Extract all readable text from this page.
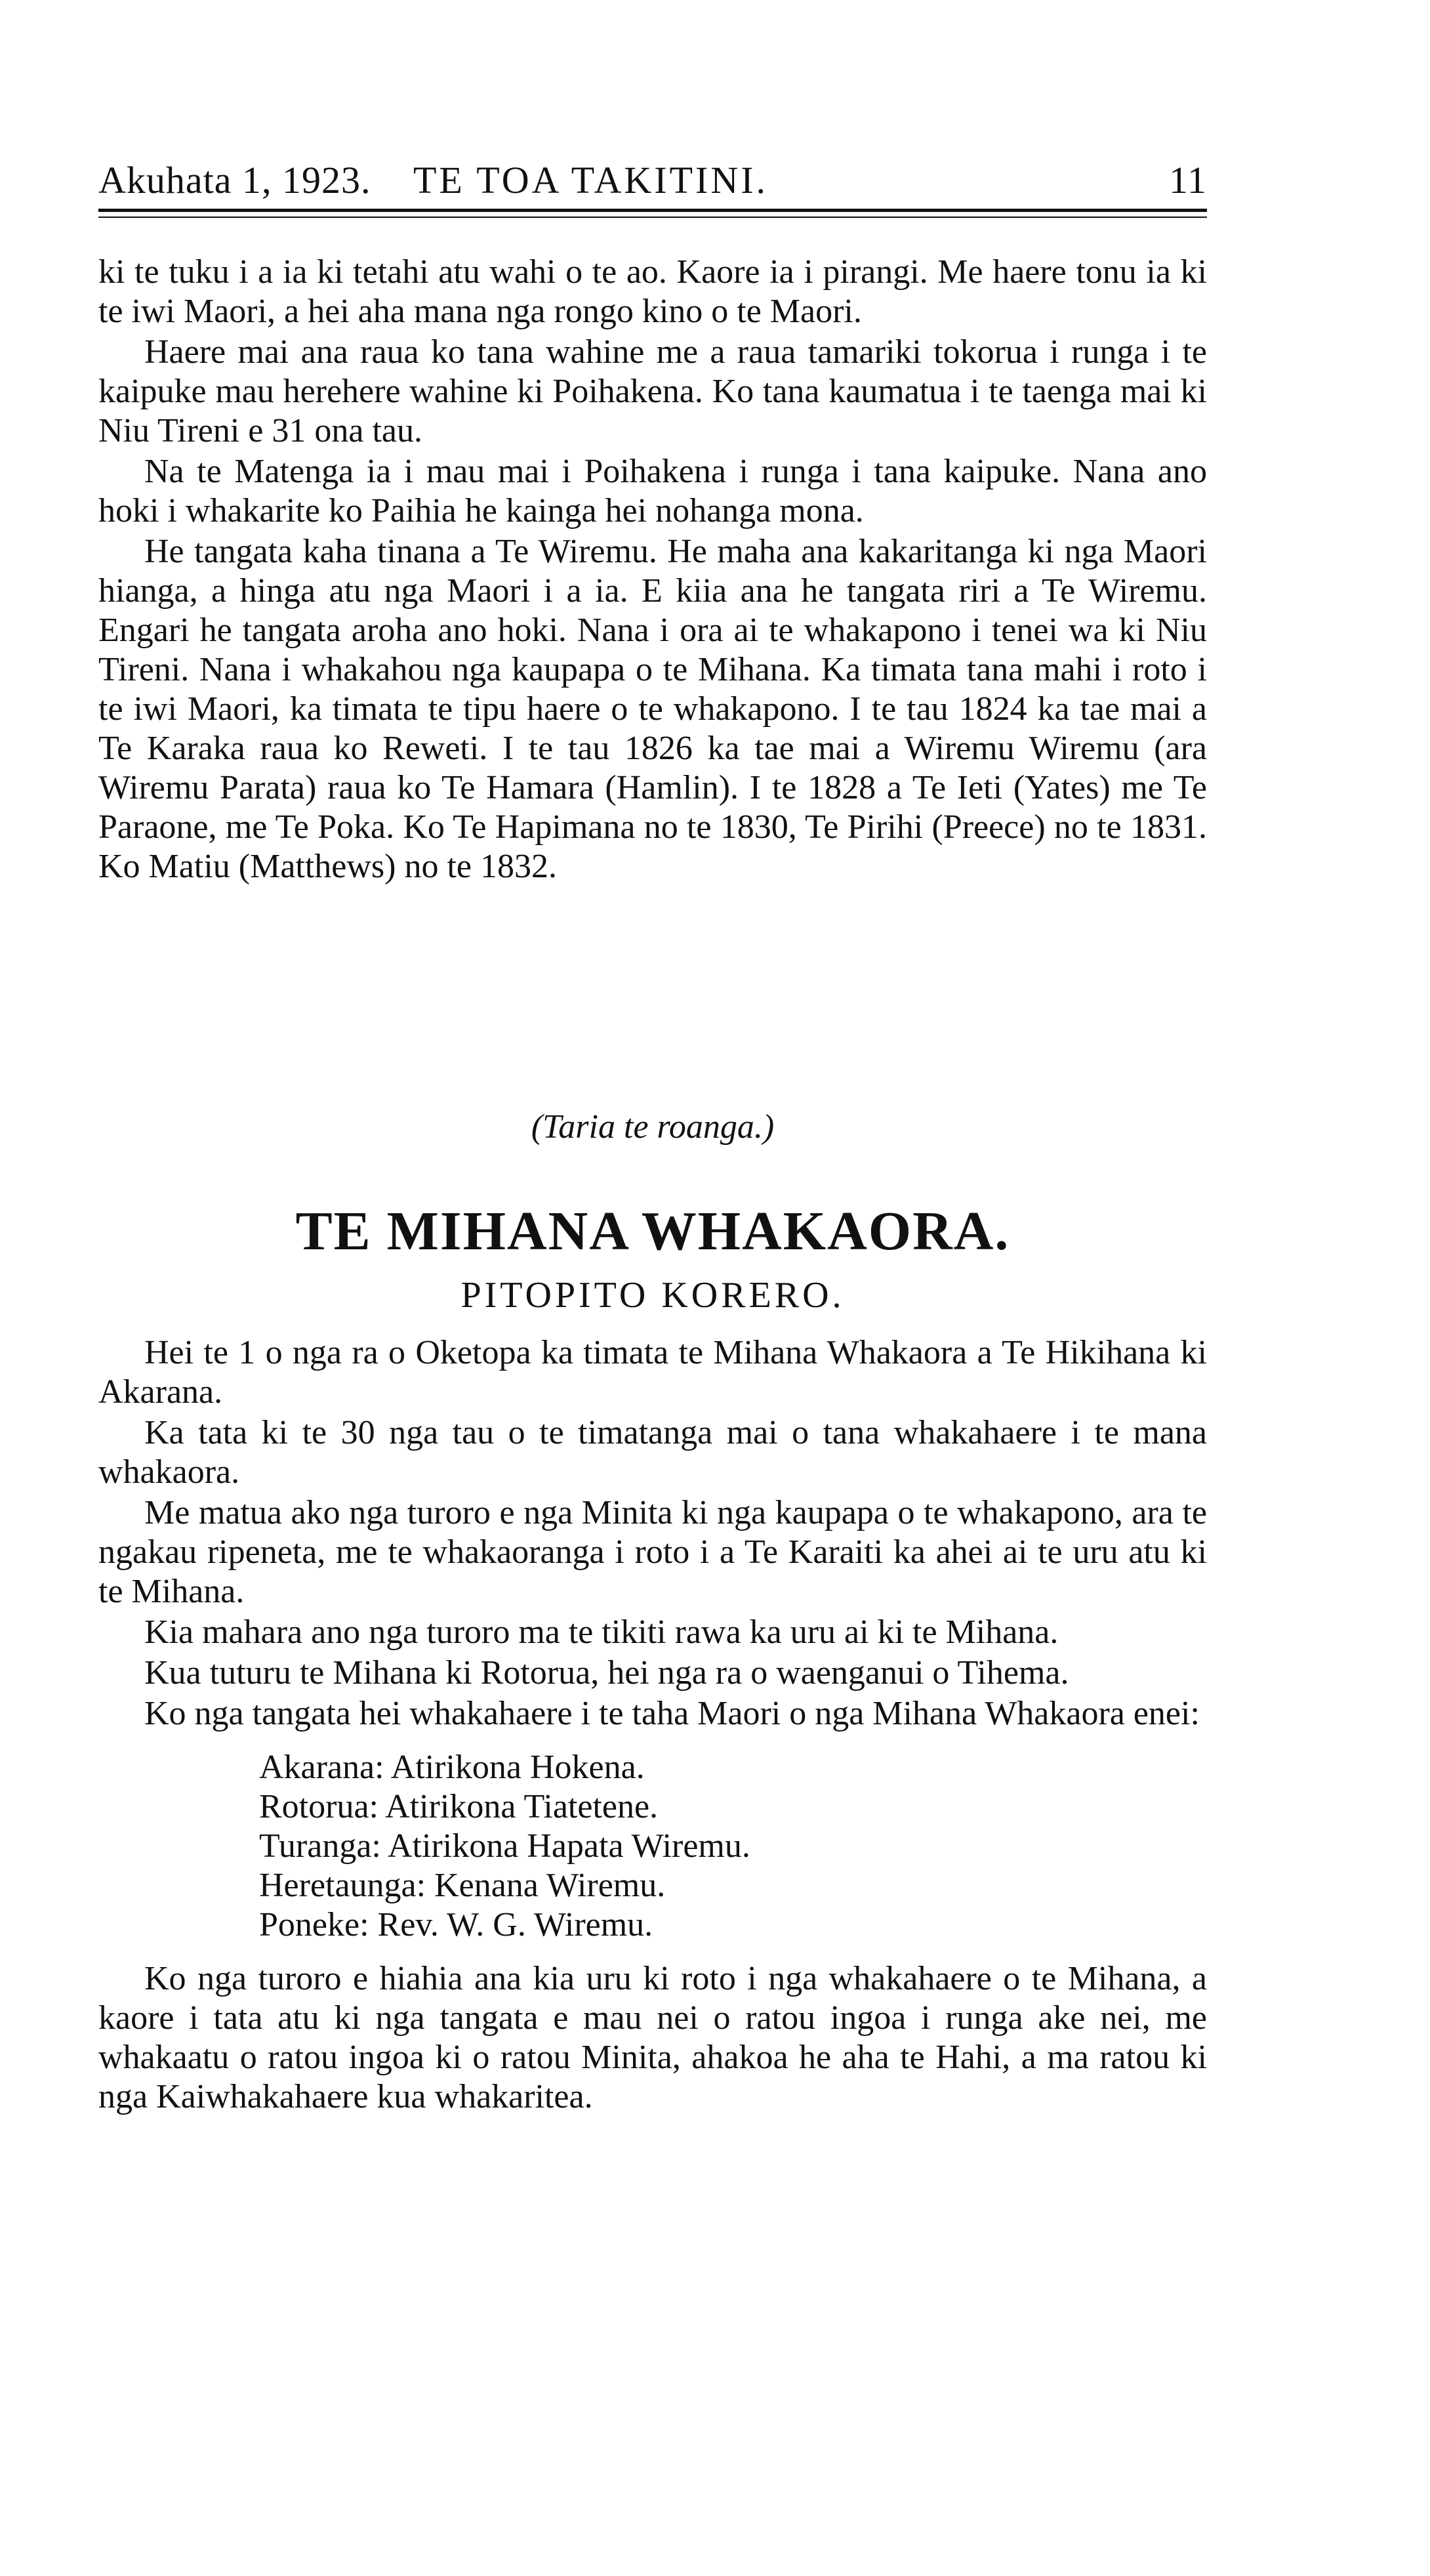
Akuhata 1, 1923.	TE TOA TAKITINI.	11

ki te tuku i a ia ki tetahi atu wahi o te ao. Kaore ia i pirangi. Me haere tonu ia ki te iwi Maori, a hei aha mana nga rongo kino o te Maori.

Haere mai ana raua ko tana wahine me a raua tamariki tokorua i runga i te kaipuke mau herehere wahine ki Poihakena. Ko tana kaumatua i te taenga mai ki Niu Tireni e 31 ona tau.

Na te Matenga ia i mau mai i Poihakena i runga i tana kaipuke. Nana ano hoki i whakarite ko Paihia he kainga hei nohanga mona.

He tangata kaha tinana a Te Wiremu. He maha ana kakaritanga ki nga Maori hianga, a hinga atu nga Maori i a ia. E kiia ana he tangata riri a Te Wiremu. Engari he tangata aroha ano hoki. Nana i ora ai te whakapono i tenei wa ki Niu Tireni. Nana i whakahou nga kaupapa o te Mihana. Ka timata tana mahi i roto i te iwi Maori, ka timata te tipu haere o te whakapono. I te tau 1824 ka tae mai a Te Karaka raua ko Reweti. I te tau 1826 ka tae mai a Wiremu Wiremu (ara Wiremu Parata) raua ko Te Hamara (Hamlin). I te 1828 a Te Ieti (Yates) me Te Paraone, me Te Poka. Ko Te Hapimana no te 1830, Te Pirihi (Preece) no te 1831. Ko Matiu (Matthews) no te 1832.

(Taria te roanga.)
TE MIHANA WHAKAORA.
PITOPITO KORERO.

Hei te 1 o nga ra o Oketopa ka timata te Mihana Whakaora a Te Hikihana ki Akarana.

Ka tata ki te 30 nga tau o te timatanga mai o tana whakahaere i te mana whakaora.

Me matua ako nga turoro e nga Minita ki nga kaupapa o te whakapono, ara te ngakau ripeneta, me te whakaoranga i roto i a Te Karaiti ka ahei ai te uru atu ki te Mihana.

Kia mahara ano nga turoro ma te tikiti rawa ka uru ai ki te Mihana.

Kua tuturu te Mihana ki Rotorua, hei nga ra o waenganui o Tihema.

Ko nga tangata hei whakahaere i te taha Maori o nga Mihana Whakaora enei:

Akarana: Atirikona Hokena.
Rotorua: Atirikona Tiatetene.
Turanga: Atirikona Hapata Wiremu.
Heretaunga: Kenana Wiremu.
Poneke: Rev. W. G. Wiremu.

Ko nga turoro e hiahia ana kia uru ki roto i nga whakahaere o te Mihana, a kaore i tata atu ki nga tangata e mau nei o ratou ingoa i runga ake nei, me whakaatu o ratou ingoa ki o ratou Minita, ahakoa he aha te Hahi, a ma ratou ki nga Kaiwhakahaere kua whakaritea.
